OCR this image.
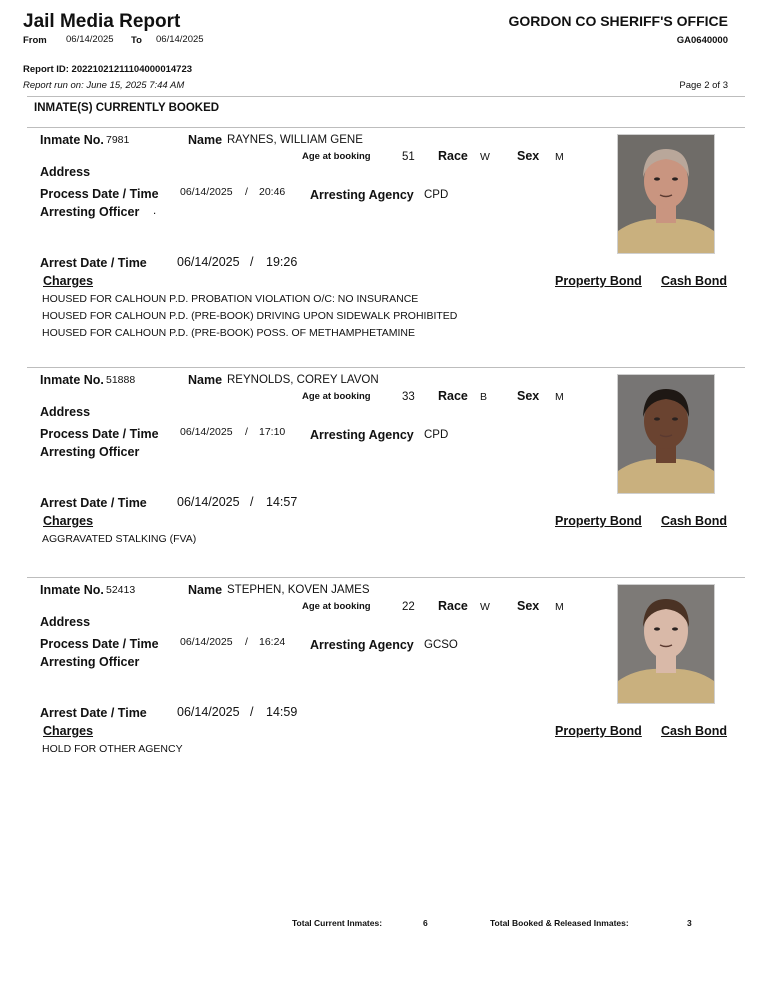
Jail Media Report
From 06/14/2025 To 06/14/2025
GORDON CO SHERIFF'S OFFICE
GA0640000
Report ID: 20221021211104000014723
Report run on: June 15, 2025 7:44 AM	Page 2 of 3
INMATE(S) CURRENTLY BOOKED
Inmate No. 7981	Name RAYNES, WILLIAM GENE
Age at booking	51 Race W Sex M
Address
Process Date / Time 06/14/2025 / 20:46 Arresting Agency CPD
Arresting Officer .
Arrest Date / Time 06/14/2025 / 19:26
Charges	Property Bond Cash Bond
HOUSED FOR CALHOUN P.D. PROBATION VIOLATION O/C: NO INSURANCE
HOUSED FOR CALHOUN P.D. (PRE-BOOK) DRIVING UPON SIDEWALK PROHIBITED
HOUSED FOR CALHOUN P.D. (PRE-BOOK) POSS. OF METHAMPHETAMINE
Inmate No. 51888	Name REYNOLDS, COREY LAVON
Age at booking	33 Race B Sex M
Address
Process Date / Time 06/14/2025 / 17:10 Arresting Agency CPD
Arresting Officer
Arrest Date / Time 06/14/2025 / 14:57
Charges	Property Bond Cash Bond
AGGRAVATED STALKING (FVA)
Inmate No. 52413	Name STEPHEN, KOVEN JAMES
Age at booking	22 Race W Sex M
Address
Process Date / Time 06/14/2025 / 16:24 Arresting Agency GCSO
Arresting Officer
Arrest Date / Time 06/14/2025 / 14:59
Charges	Property Bond Cash Bond
HOLD FOR OTHER AGENCY
Total Current Inmates:	6	Total Booked & Released Inmates:	3
